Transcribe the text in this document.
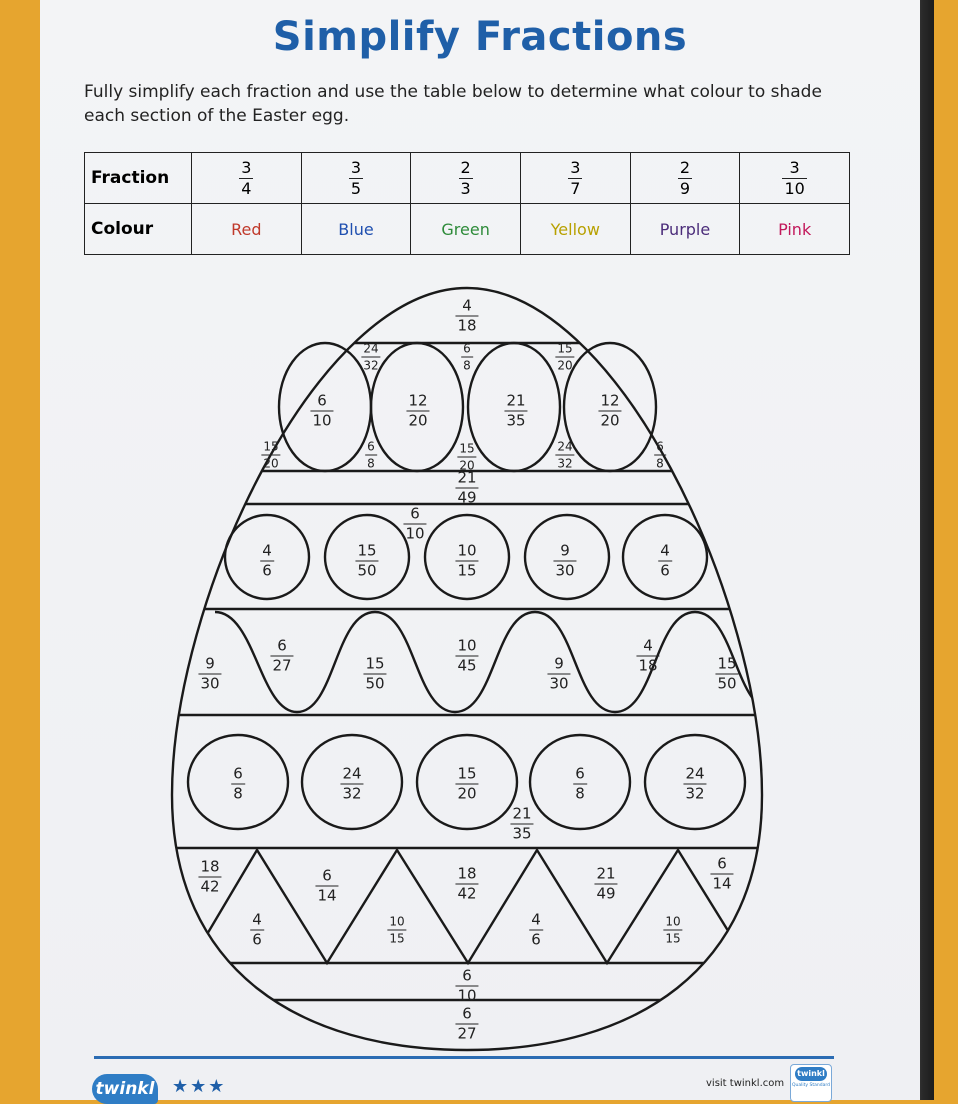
Simplify Fractions
Fully simplify each fraction and use the table below to determine what colour to shade each section of the Easter egg.
Fraction	$\frac{3}{4}$	$\frac{3}{5}$	$\frac{2}{3}$	$\frac{3}{7}$	$\frac{2}{9}$	$\frac{3}{10}$

Colour	Red	Blue	Green	Yellow	Purple	Pink
$\frac{4}{18}$
$\frac{24}{32}$	$\frac{6}{8}$	$\frac{15}{20}$
$\frac{6}{10}$	$\frac{12}{20}$	$\frac{21}{35}$	$\frac{12}{20}$
$\frac{15}{20}$	$\frac{6}{8}$	$\frac{15}{20}$	$\frac{24}{32}$	$\frac{6}{8}$
$\frac{21}{49}$
$\frac{6}{10}$
$\frac{4}{6}$	$\frac{15}{50}$	$\frac{10}{15}$	$\frac{9}{30}$	$\frac{4}{6}$
$\frac{9}{30}$
$\frac{6}{27}$
$\frac{15}{50}$
$\frac{10}{45}$
$\frac{9}{30}$
$\frac{4}{18}$
$\frac{15}{50}$
$\frac{6}{8}$	$\frac{24}{32}$	$\frac{15}{20}$	$\frac{6}{8}$	$\frac{24}{32}$
$\frac{21}{35}$
$\frac{18}{42}$	$\frac{6}{14}$	$\frac{18}{42}$	$\frac{21}{49}$	$\frac{6}{14}$
$\frac{4}{6}$	$\frac{10}{15}$	$\frac{4}{6}$	$\frac{10}{15}$
$\frac{6}{10}$
$\frac{6}{27}$
twinkl ★★★	visit twinkl.com
twinkl
Quality Standard
